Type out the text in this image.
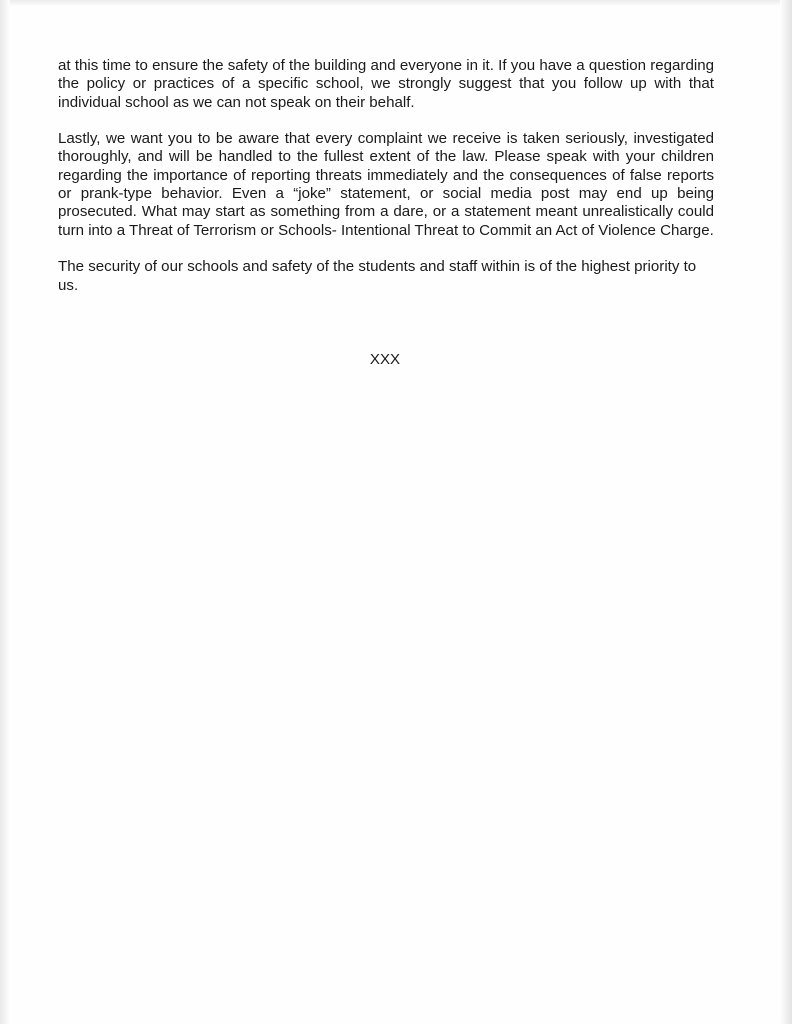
at this time to ensure the safety of the building and everyone in it. If you have a question regarding the policy or practices of a specific school, we strongly suggest that you follow up with that individual school as we can not speak on their behalf.

Lastly, we want you to be aware that every complaint we receive is taken seriously, investigated thoroughly, and will be handled to the fullest extent of the law. Please speak with your children regarding the importance of reporting threats immediately and the consequences of false reports or prank-type behavior. Even a “joke” statement, or social media post may end up being prosecuted. What may start as something from a dare, or a statement meant unrealistically could turn into a Threat of Terrorism or Schools- Intentional Threat to Commit an Act of Violence Charge.

The security of our schools and safety of the students and staff within is of the highest priority to us.

XXX
